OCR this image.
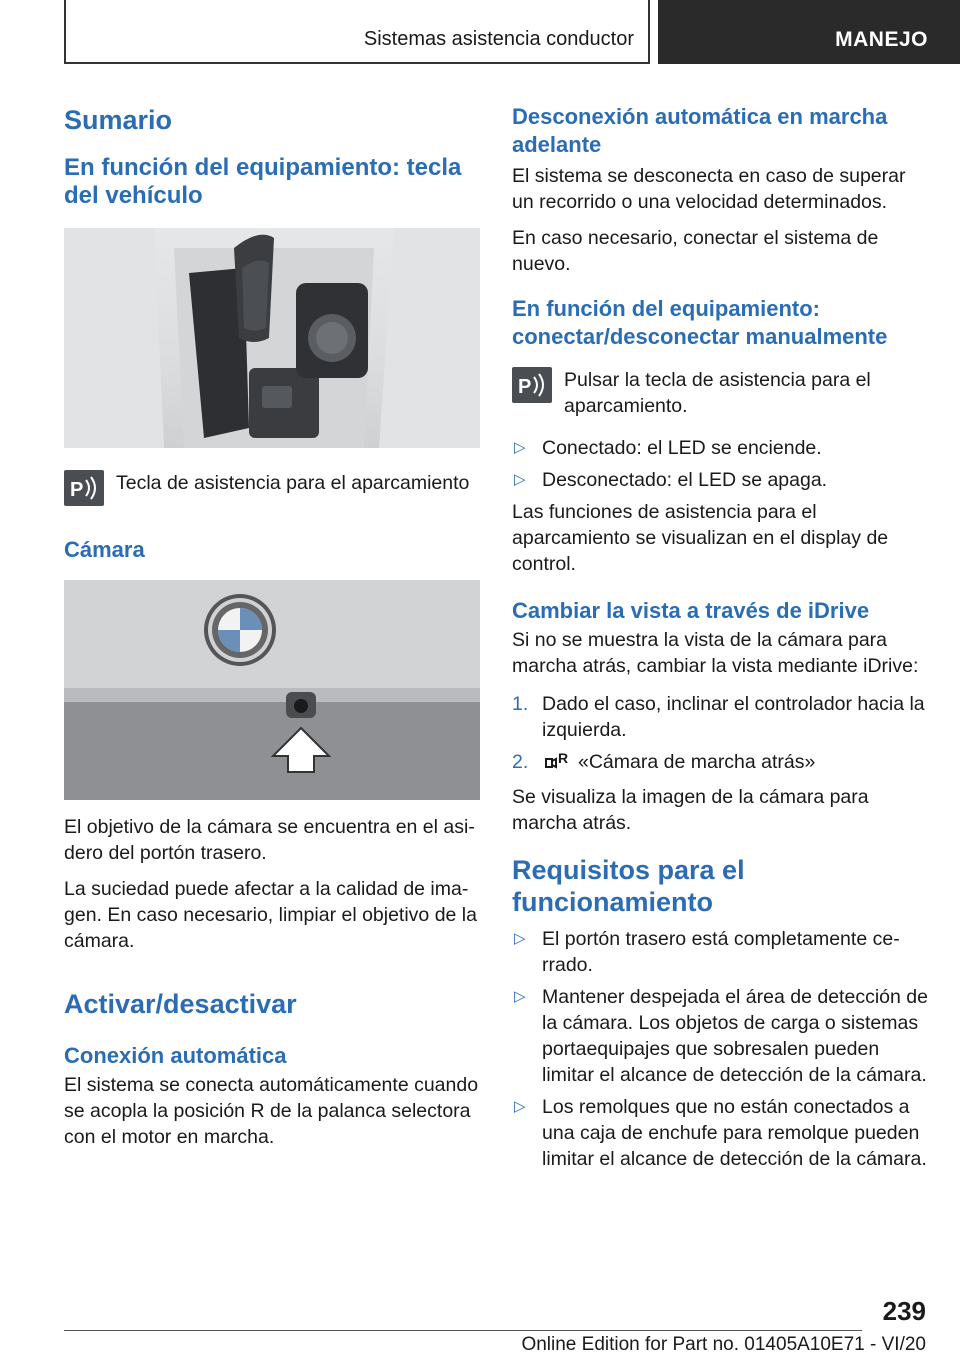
Sistemas asistencia conductor	MANEJO
Sumario
En función del equipamiento: tecla del vehículo
P Tecla de asistencia para el aparcamiento

Cámara

El objetivo de la cámara se encuentra en el asidero del portón trasero.

La suciedad puede afectar a la calidad de imagen. En caso necesario, limpiar el objetivo de la cámara.

Activar/desactivar
Conexión automática

El sistema se conecta automáticamente cuando se acopla la posición R de la palanca selectora con el motor en marcha.

Desconexión automática en marcha adelante

El sistema se desconecta en caso de superar un recorrido o una velocidad determinados.

En caso necesario, conectar el sistema de nuevo.

En función del equipamiento: conectar/desconectar manualmente
P Pulsar la tecla de asistencia para el aparcamiento.

▷ Conectado: el LED se enciende.
▷ Desconectado: el LED se apaga.

Las funciones de asistencia para el aparcamiento se visualizan en el display de control.

Cambiar la vista a través de iDrive

Si no se muestra la vista de la cámara para marcha atrás, cambiar la vista mediante iDrive:

1. Dado el caso, inclinar el controlador hacia la izquierda.
2.	R «Cámara de marcha atrás»

Se visualiza la imagen de la cámara para marcha atrás.

Requisitos para el funcionamiento
▷ El portón trasero está completamente cerrado.
▷ Mantener despejada el área de detección de la cámara. Los objetos de carga o sistemas portaequipajes que sobresalen pueden limitar el alcance de detección de la cámara.
▷ Los remolques que no están conectados a una caja de enchufe para remolque pueden limitar el alcance de detección de la cámara.
239
Online Edition for Part no. 01405A10E71 - VI/20
